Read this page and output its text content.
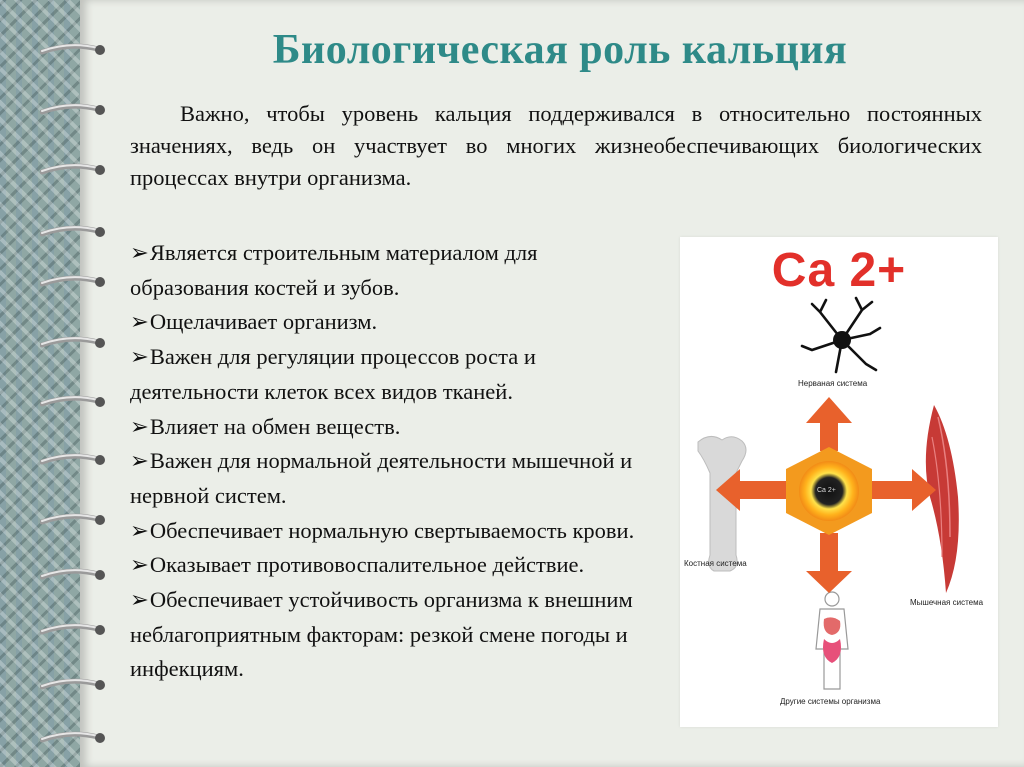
Биологическая роль кальция
Важно, чтобы уровень кальция поддерживался в относительно постоянных значениях, ведь он участвует во многих жизнеобеспечивающих биологических процессах внутри организма.
➢Является строительным материалом для образования костей и зубов.
➢Ощелачивает организм.
➢Важен для регуляции процессов роста и деятельности клеток всех видов тканей.
➢Влияет на обмен веществ.
➢Важен для нормальной деятельности мышечной и нервной систем.
➢Обеспечивает нормальную свертываемость крови.
➢Оказывает противовоспалительное действие.
➢Обеспечивает устойчивость организма к внешним неблагоприятным факторам: резкой смене погоды и инфекциям.
Ca 2+
Ca 2+
Нерваная система
Костная система
Мышечная система
Другие системы организма
